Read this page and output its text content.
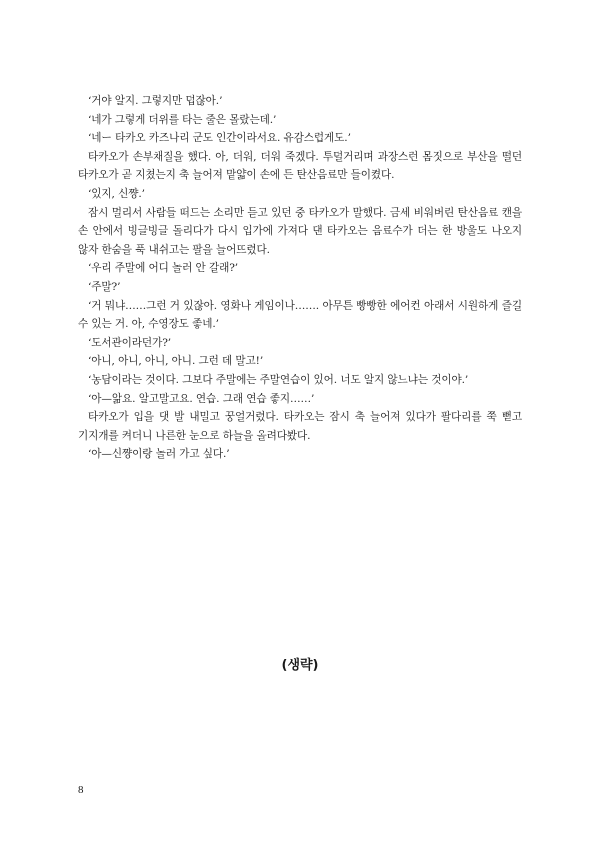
‘거야 알지. 그렇지만 덥잖아.’

‘네가 그렇게 더위를 타는 줄은 몰랐는데.’

‘네ー 타카오 카즈나리 군도 인간이라서요. 유감스럽게도.’

타카오가 손부채질을 했다. 아, 더워, 더워 죽겠다. 투덜거리며 과장스런 몸짓으로 부산을 떨던 타카오가 곧 지쳤는지 축 늘어져 맡얇이 손에 든 탄산음료만 들이켰다.

‘있지, 신쨩.’

잠시 멀리서 사람들 떠드는 소리만 듣고 있던 중 타카오가 말했다. 금세 비워버린 탄산음료 캔을 손 안에서 빙글빙글 돌리다가 다시 입가에 가져다 댄 타카오는 음료수가 더는 한 방울도 나오지 않자 한숨을 푹 내쉬고는 팔을 늘어뜨렸다.

‘우리 주말에 어디 놀러 안 갈래?’

‘주말?’

‘거 뭐냐……그런 거 있잖아. 영화나 게임이나……. 아무튼 빵빵한 에어컨 아래서 시원하게 즐길 수 있는 거. 아, 수영장도 좋네.’

‘도서관이라던가?’

‘아니, 아니, 아니, 아니. 그런 데 말고!’

‘농담이라는 것이다. 그보다 주말에는 주말연습이 있어. 너도 알지 않느냐는 것이야.’

‘아—앎요. 알고말고요. 연습. 그래 연습 좋지……’

타카오가 입을 댓 발 내밀고 꿍얼거렸다. 타카오는 잠시 축 늘어져 있다가 팔다리를 쭉 뻗고 기지개를 켜더니 나른한 눈으로 하늘을 올려다봤다.

‘아—신쨩이랑 놀러 가고 싶다.’

(생략)
8
